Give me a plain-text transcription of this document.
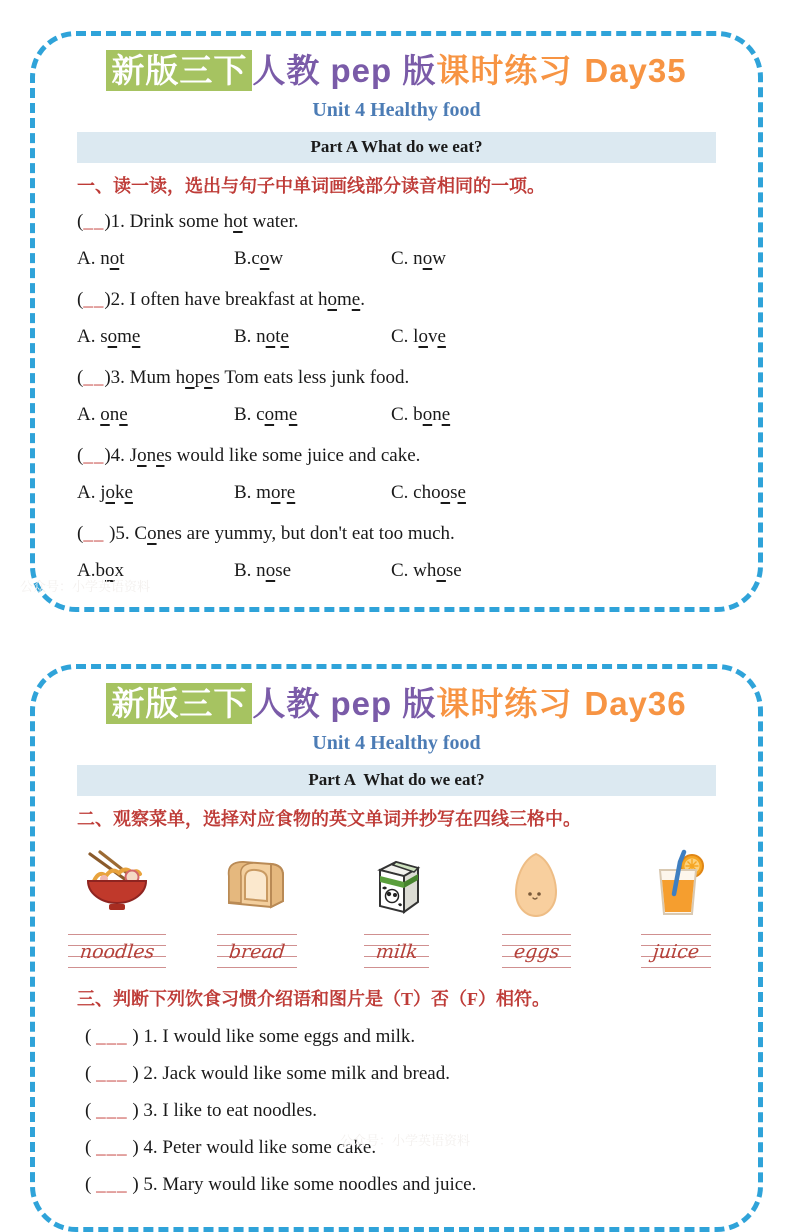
新版三下 人教 pep 版课时练习 Day35
Unit 4 Healthy food
Part A What do we eat?
一、读一读，选出与句子中单词画线部分读音相同的一项。
(__)1. Drink some hot water.
A. not	B.cow	C. now
(__)2. I often have breakfast at home.
A. some	B. note	C. love
(__)3. Mum hopes Tom eats less junk food.
A. one	B. come	C. bone
(__)4. Jones would like some juice and cake.
A. joke	B. more	C. choose
(__ )5. Cones are yummy, but don't eat too much.
A.box	B. nose	C. whose
公众号：小学英语资料
新版三下 人教 pep 版课时练习 Day36
Unit 4 Healthy food
Part A  What do we eat?
二、观察菜单，选择对应食物的英文单词并抄写在四线三格中。
noodles	bread	milk	eggs	juice
三、判断下列饮食习惯介绍语和图片是（T）否（F）相符。
( ___ ) 1. I would like some eggs and milk.
( ___ ) 2. Jack would like some milk and bread.
( ___ ) 3. I like to eat noodles.
( ___ ) 4. Peter would like some cake.
( ___ ) 5. Mary would like some noodles and juice.
公众号：小学英语资料
